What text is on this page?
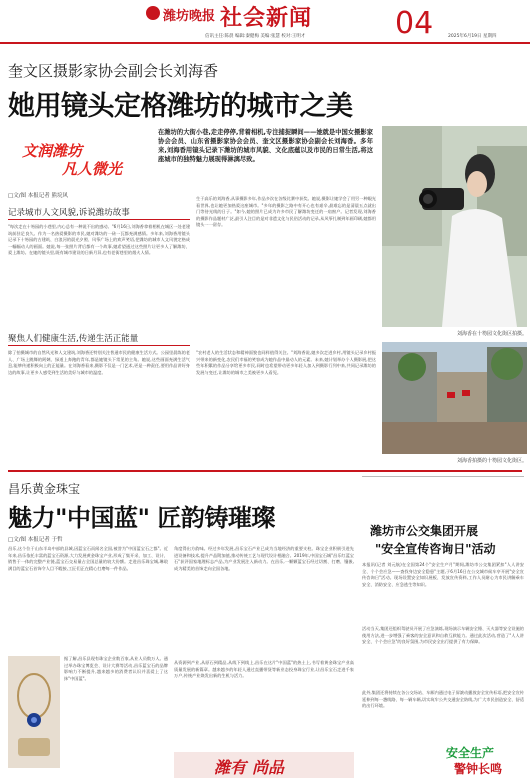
潍坊晚报 社会新闻	04
信讯主任:陈晨 编辑:秦健梅 美编:张慧 校对:王明才	2025年6月19日 星期四
奎文区摄影家协会副会长刘海香
她用镜头定格潍坊的城市之美
文润潍坊
凡人微光
在潍坊的大街小巷,走走停停,背着相机,专注捕捉瞬间——她就是中国女摄影家协会会员、山东省摄影家协会会员、奎文区摄影家协会副会长刘海香。多年来,刘海香用镜头记录下潍坊的城市风貌、文化底蕴以及市民的日常生活,将这座城市的独特魅力展现得淋漓尽致。
刘海香在十笏园文化街区拍摄。
□文/图 本报记者 熊垸风
记录城市人文风貌,诉说潍坊故事
"每次走在十笏园的小巷里,内心总有一种说不出的感动。"6月16日,刘海香拿着相机在城区一处老建筑前驻足良久。作为一名热爱摄影的市民,她对潍坊的一砖一瓦都充满感情。多年来,刘海香用镜头记录下十笏园的古建筑、白浪河的晨光夕照、风筝广场上的欢声笑语,把潍坊的城市人文风貌定格成一幅幅动人的画面。她说,每一张照片背后都有一个故事,她希望通过这些照片让更多人了解潍坊、爱上潍坊。在她的镜头里,既有城市建设的日新月异,也有老街巷里的烟火人情。
生于高乐的刘海香,从事摄影多年,作品多次在各级比赛中获奖。她说,摄影让她学会了用另一种眼光看世界,也让她更加热爱这座城市。"多年的摄影之路中有开心也有艰辛,最难忘的是清晨五点就出门等待光线的日子。"如今,她的照片已成为许多市民了解潍坊变迁的一扇窗户。记者发现,刘海香的摄影作品题材广泛,最引人注目的是对非遗文化与民俗活动的记录,从风筝扎制到年画印刷,她都用镜头一一留存。
聚焦人们健康生活,传递生活正能量
除了拍摄城市的自然风光和人文建筑,刘海香还特别关注普通市民的健康生活方式。公园里晨练的老人、广场上跳舞的阿姨、绿道上奔跑的青年,都是她镜头下常见的主角。她说,这些画面充满生活气息,能够传递积极向上的正能量。在刘海香看来,摄影不仅是一门艺术,更是一种责任,要用作品讲好身边的故事,让更多人感受到生活的美好与城市的温度。
"农村老人的生活状态和精神面貌也同样值得关注。"刘海香说,她多次走进乡村,用镜头记录乡村振兴带来的新变化,农民们幸福的笑容成为她作品中最动人的元素。未来,她计划举办个人摄影展,把这些年积累的作品分享给更多市民,同时也希望带动更多年轻人加入到摄影行列中来,共同记录潍坊的发展与变迁,让潍坊的城市之美被更多人看见。
刘海香拍摄的十笏园文化街区。
昌乐黄金珠宝
魅力"中国蓝" 匠韵铸璀璨
□文/图 本报记者 于哲
昌乐,这个位于山东半岛中部的县城,因蓝宝石而闻名全国,被誉为"中国蓝宝石之都"。近年来,昌乐依托丰富的蓝宝石资源,大力发展黄金珠宝产业,形成了集开采、加工、设计、销售于一体的完整产业链,蓝宝石交易量占全国总量的较大份额。走进昌乐珠宝城,琳琅满目的蓝宝石首饰令人目不暇接,工匠们正在精心打磨每一件作品。
据了解,昌乐县现有珠宝企业数百家,从业人员数万人。通过举办珠宝博览会、设计大赛等活动,昌乐蓝宝石的品牌影响力不断提升,越来越多的消费者认识并喜爱上了这抹"中国蓝"。
角度得出方韵味。经过多年发展,昌乐宝石产业已成为当地经济的重要支柱。珠宝企业积极引进先进设备和技术,提升产品附加值,推动传统工艺与现代设计相融合。2019年,中国宝石城"昌乐红蓝宝石"获评国家地理标志产品,为产业发展注入新动力。在昌乐,一颗颗蓝宝石经过切割、打磨、镶嵌,成为精美的首饰走向全国各地。
从资源到产业,从原石到精品,从线下到线上,昌乐在这片"中国蓝"的热土上,书写着黄金珠宝产业高质量发展的新篇章。越来越多的年轻人通过直播带货等新业态投身珠宝行业,让昌乐宝石走进千家万户,传统产业焕发出新的生机与活力。
潍有 尚品
潍坊市公交集团开展
"安全宣传咨询日"活动
本报讯(记者 刘元航)在全国第24个"安全生产月"期间,潍坊市公交集团紧扣"人人讲安全、个个会应急——查找身边安全隐患"主题,于6月16日在公交城市候车亭开展"安全宣传咨询日"活动。现场设置安全知识展板、发放宣传资料,工作人员耐心为市民讲解乘车安全、消防安全、应急逃生等知识。
活动当天,集团还组织驾驶员开展了应急演练,现场演示车辆安全锤、灭火器等安全设施的使用方法,进一步增强了乘客的安全意识和自救互救能力。通过此次活动,营造了"人人讲安全、个个会应急"的良好氛围,为市民安全出行提供了有力保障。
此外,集团还将持续在各公交场站、车厢内通过电子屏滚动播放安全宣传标语,把安全宣传延伸到每一趟线路、每一辆车辆,切实筑牢公共交通安全防线,为广大市民创造安全、舒适的出行环境。
安全生产
警钟长鸣
